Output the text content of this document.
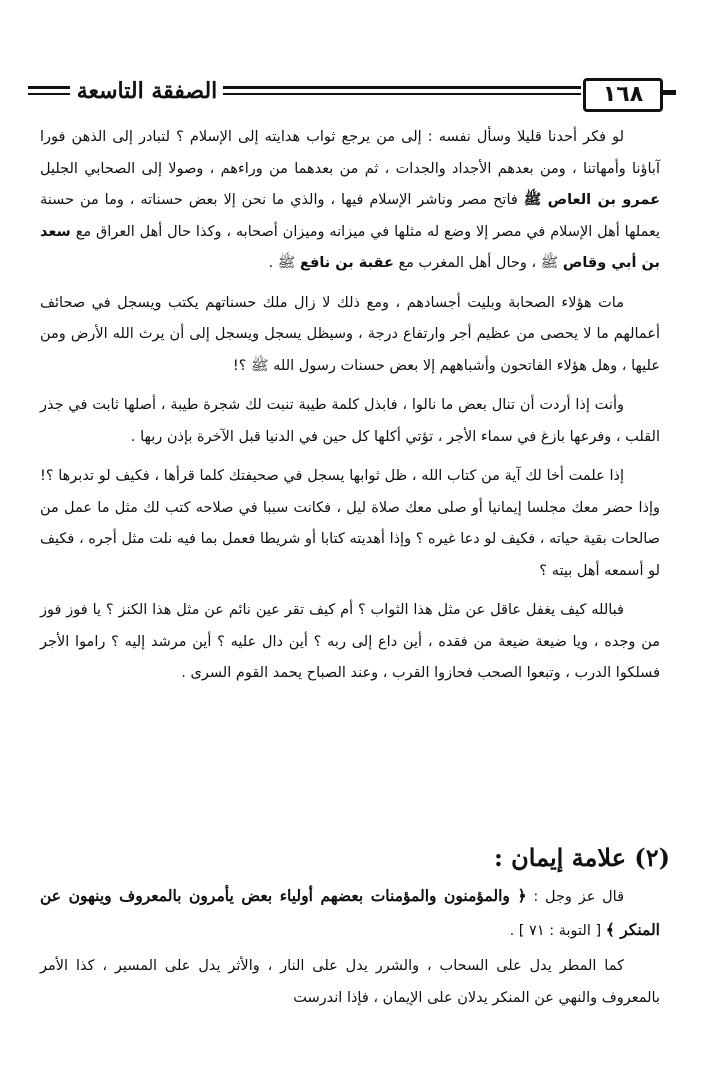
الصفقة التاسعة	١٦٨

لو فكر أحدنا قليلا وسأل نفسه : إلى من يرجع ثواب هدايته إلى الإسلام ؟ لتبادر إلى الذهن فورا آباؤنا وأمهاتنا ، ومن بعدهم الأجداد والجدات ، ثم من بعدهما من وراءهم ، وصولا إلى الصحابي الجليل عمرو بن العاص ﷺ فاتح مصر وناشر الإسلام فيها ، والذي ما نحن إلا بعض حسناته ، وما من حسنة يعملها أهل الإسلام في مصر إلا وضع له مثلها في ميزانه وميزان أصحابه ، وكذا حال أهل العراق مع سعد بن أبي وقاص ﷺ ، وحال أهل المغرب مع عقبة بن نافع ﷺ .

مات هؤلاء الصحابة وبليت أجسادهم ، ومع ذلك لا زال ملك حسناتهم يكتب ويسجل في صحائف أعمالهم ما لا يحصى من عظيم أجر وارتفاع درجة ، وسيظل يسجل ويسجل إلى أن يرث الله الأرض ومن عليها ، وهل هؤلاء الفاتحون وأشباههم إلا بعض حسنات رسول الله ﷺ ؟!

وأنت إذا أردت أن تنال بعض ما نالوا ، فابذل كلمة طيبة تنبت لك شجرة طيبة ، أصلها ثابت في جذر القلب ، وفرعها بازغ في سماء الأجر ، تؤتي أكلها كل حين في الدنيا قبل الآخرة بإذن ربها .

إذا علمت أخا لك آية من كتاب الله ، ظل ثوابها يسجل في صحيفتك كلما قرأها ، فكيف لو تدبرها ؟! وإذا حضر معك مجلسا إيمانيا أو صلى معك صلاة ليل ، فكانت سببا في صلاحه كتب لك مثل ما عمل من صالحات بقية حياته ، فكيف لو دعا غيره ؟ وإذا أهديته كتابا أو شريطا فعمل بما فيه نلت مثل أجره ، فكيف لو أسمعه أهل بيته ؟

فبالله كيف يغفل عاقل عن مثل هذا الثواب ؟ أم كيف تقر عين نائم عن مثل هذا الكنز ؟ يا فوز فوز من وجده ، ويا ضيعة ضيعة من فقده ، أين داع إلى ربه ؟ أين دال عليه ؟ أين مرشد إليه ؟ راموا الأجر فسلكوا الدرب ، وتبعوا الصحب فحازوا القرب ، وعند الصباح يحمد القوم السرى .

(٢) علامة إيمان :

قال عز وجل : ﴿ والمؤمنون والمؤمنات بعضهم أولياء بعض يأمرون بالمعروف وينهون عن المنكر ﴾ [ التوبة : ٧١ ] .

كما المطر يدل على السحاب ، والشرر يدل على النار ، والأثر يدل على المسير ، كذا الأمر بالمعروف والنهي عن المنكر يدلان على الإيمان ، فإذا اندرست
